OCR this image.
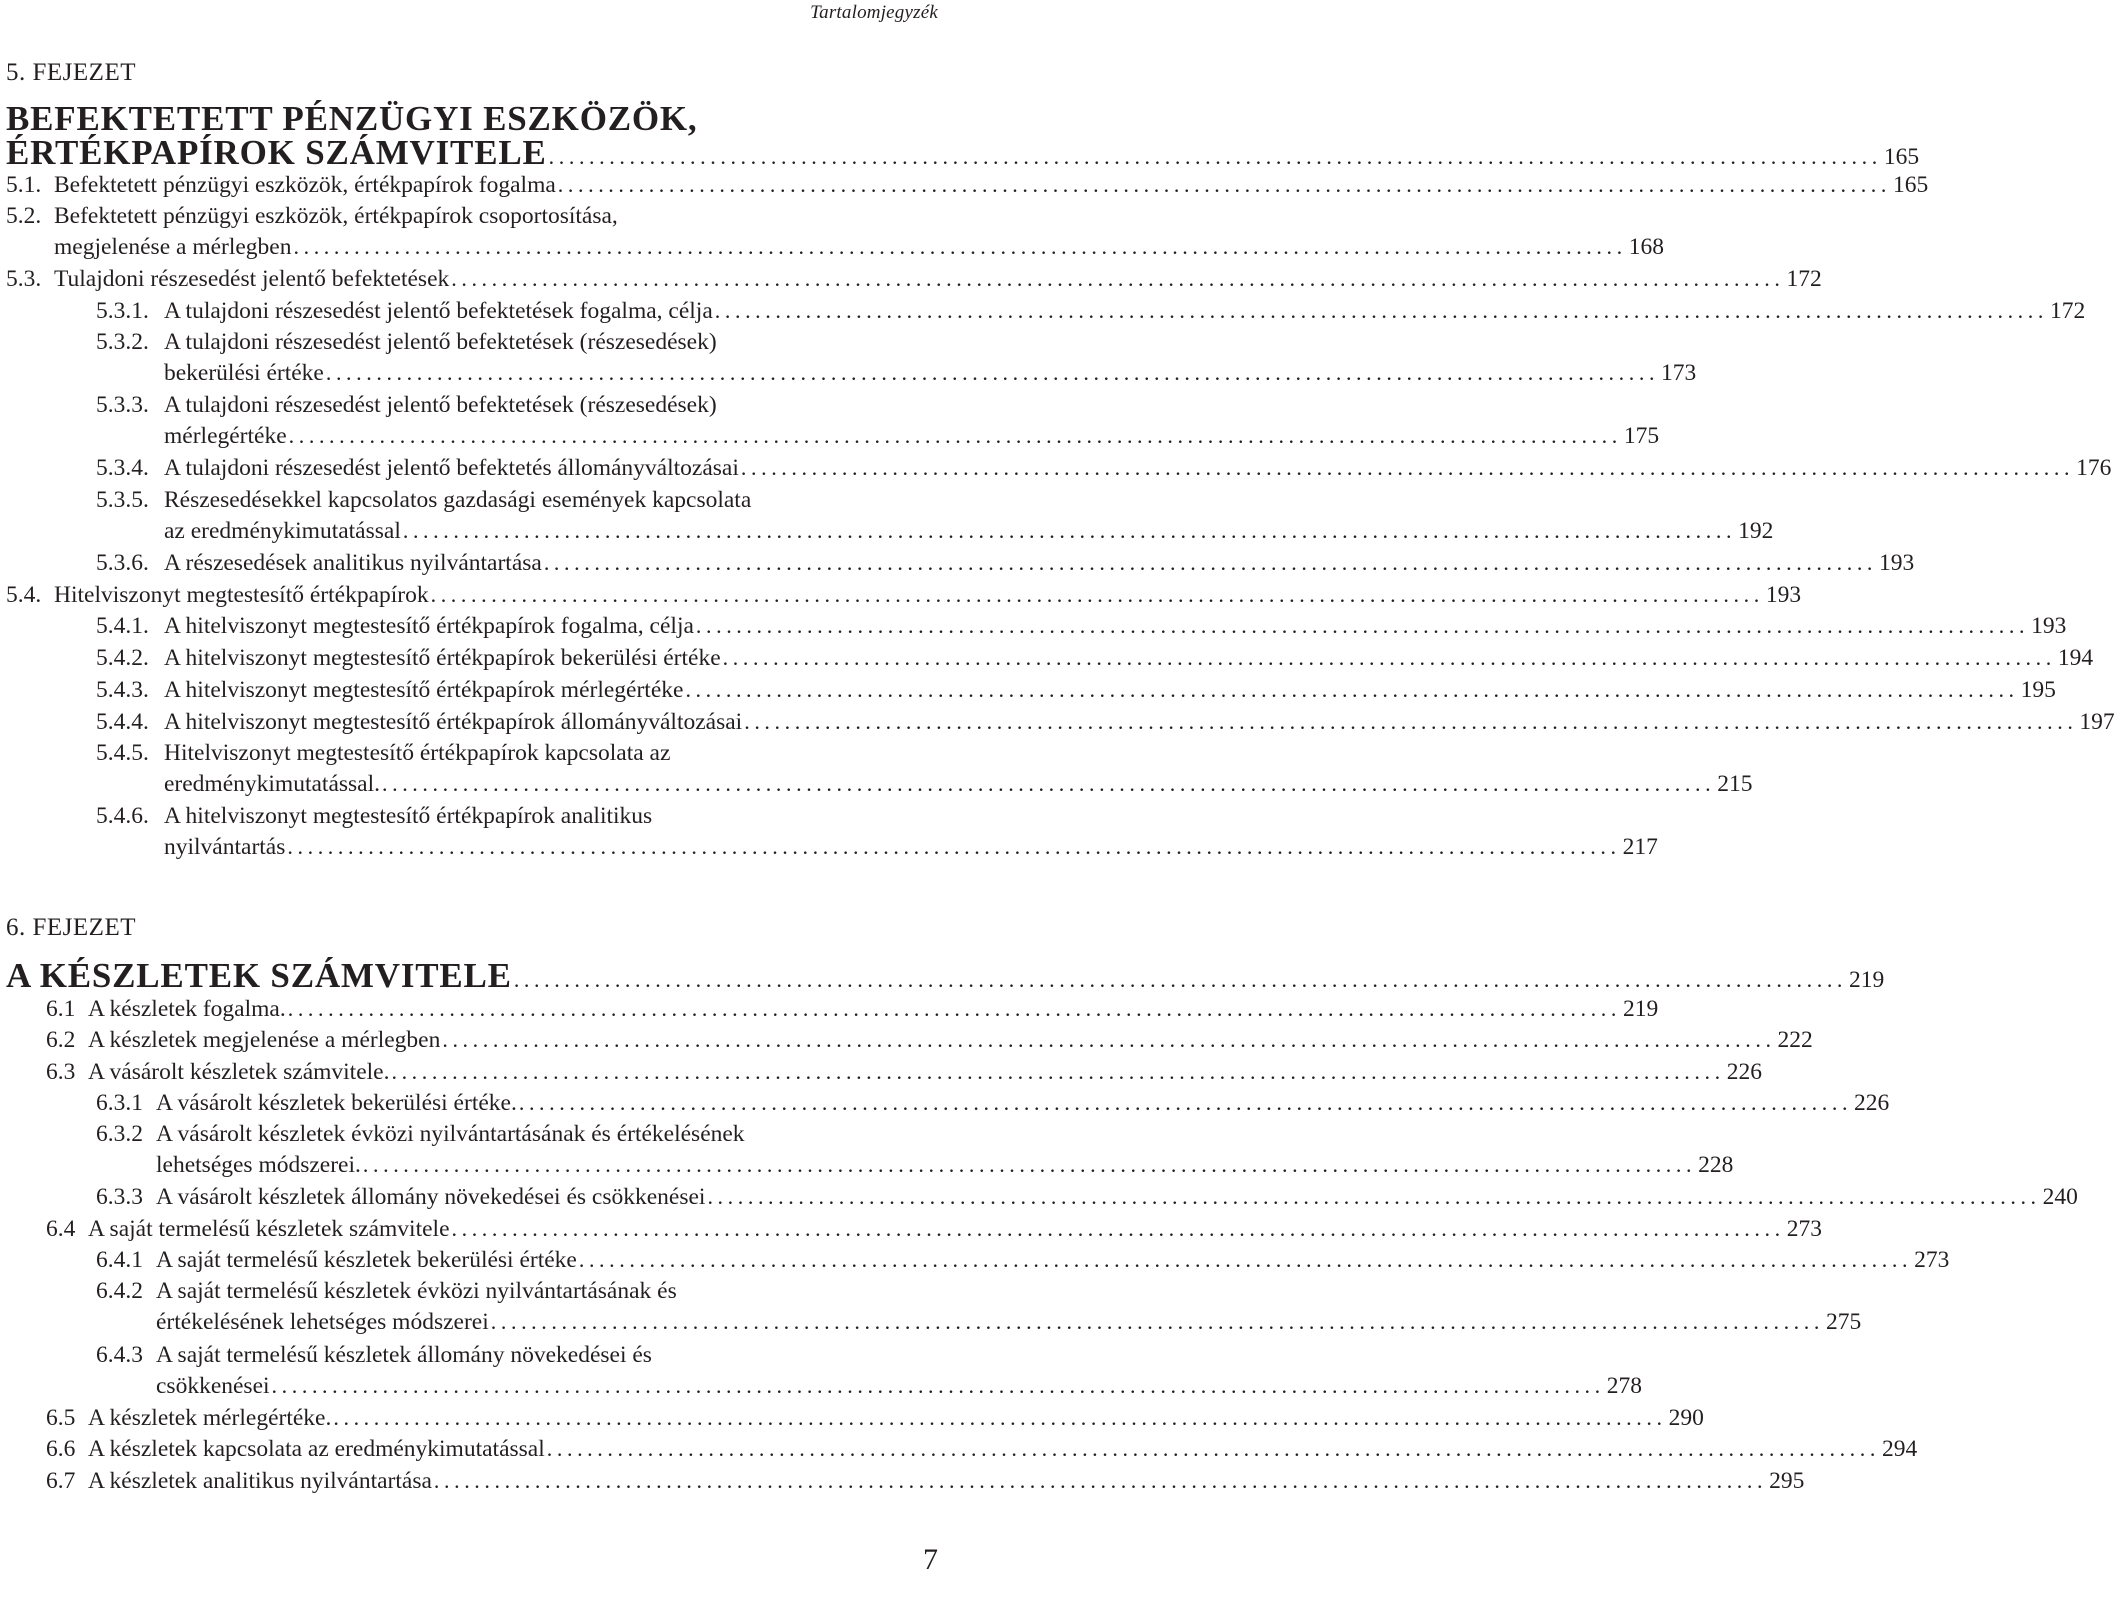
Tartalomjegyzék
5. FEJEZET
BEFEKTETETT PÉNZÜGYI ESZKÖZÖK,
ÉRTÉKPAPÍROK SZÁMVITELE .................................................................................................................................... 165
5.1. Befektetett pénzügyi eszközök, értékpapírok fogalma .................................................................................................................................... 165
5.2. Befektetett pénzügyi eszközök, értékpapírok csoportosítása,
megjelenése a mérlegben .................................................................................................................................... 168
5.3. Tulajdoni részesedést jelentő befektetések .................................................................................................................................... 172
5.3.1. A tulajdoni részesedést jelentő befektetések fogalma, célja .................................................................................................................................... 172
5.3.2. A tulajdoni részesedést jelentő befektetések (részesedések)
bekerülési értéke .................................................................................................................................... 173
5.3.3. A tulajdoni részesedést jelentő befektetések (részesedések)
mérlegértéke .................................................................................................................................... 175
5.3.4. A tulajdoni részesedést jelentő befektetés állományváltozásai .................................................................................................................................... 176
5.3.5. Részesedésekkel kapcsolatos gazdasági események kapcsolata
az eredménykimutatással .................................................................................................................................... 192
5.3.6. A részesedések analitikus nyilvántartása .................................................................................................................................... 193
5.4. Hitelviszonyt megtestesítő értékpapírok .................................................................................................................................... 193
5.4.1. A hitelviszonyt megtestesítő értékpapírok fogalma, célja .................................................................................................................................... 193
5.4.2. A hitelviszonyt megtestesítő értékpapírok bekerülési értéke .................................................................................................................................... 194
5.4.3. A hitelviszonyt megtestesítő értékpapírok mérlegértéke .................................................................................................................................... 195
5.4.4. A hitelviszonyt megtestesítő értékpapírok állományváltozásai .................................................................................................................................... 197
5.4.5. Hitelviszonyt megtestesítő értékpapírok kapcsolata az
eredménykimutatással. .................................................................................................................................... 215
5.4.6. A hitelviszonyt megtestesítő értékpapírok analitikus
nyilvántartás .................................................................................................................................... 217
6. FEJEZET
A KÉSZLETEK SZÁMVITELE .................................................................................................................................... 219
6.1 A készletek fogalma. .................................................................................................................................... 219
6.2 A készletek megjelenése a mérlegben .................................................................................................................................... 222
6.3 A vásárolt készletek számvitele. .................................................................................................................................... 226
6.3.1 A vásárolt készletek bekerülési értéke. .................................................................................................................................... 226
6.3.2 A vásárolt készletek évközi nyilvántartásának és értékelésének
lehetséges módszerei. .................................................................................................................................... 228
6.3.3 A vásárolt készletek állomány növekedései és csökkenései .................................................................................................................................... 240
6.4 A saját termelésű készletek számvitele .................................................................................................................................... 273
6.4.1 A saját termelésű készletek bekerülési értéke .................................................................................................................................... 273
6.4.2 A saját termelésű készletek évközi nyilvántartásának és
értékelésének lehetséges módszerei .................................................................................................................................... 275
6.4.3 A saját termelésű készletek állomány növekedései és
csökkenései .................................................................................................................................... 278
6.5 A készletek mérlegértéke. .................................................................................................................................... 290
6.6 A készletek kapcsolata az eredménykimutatással .................................................................................................................................... 294
6.7 A készletek analitikus nyilvántartása .................................................................................................................................... 295
7
